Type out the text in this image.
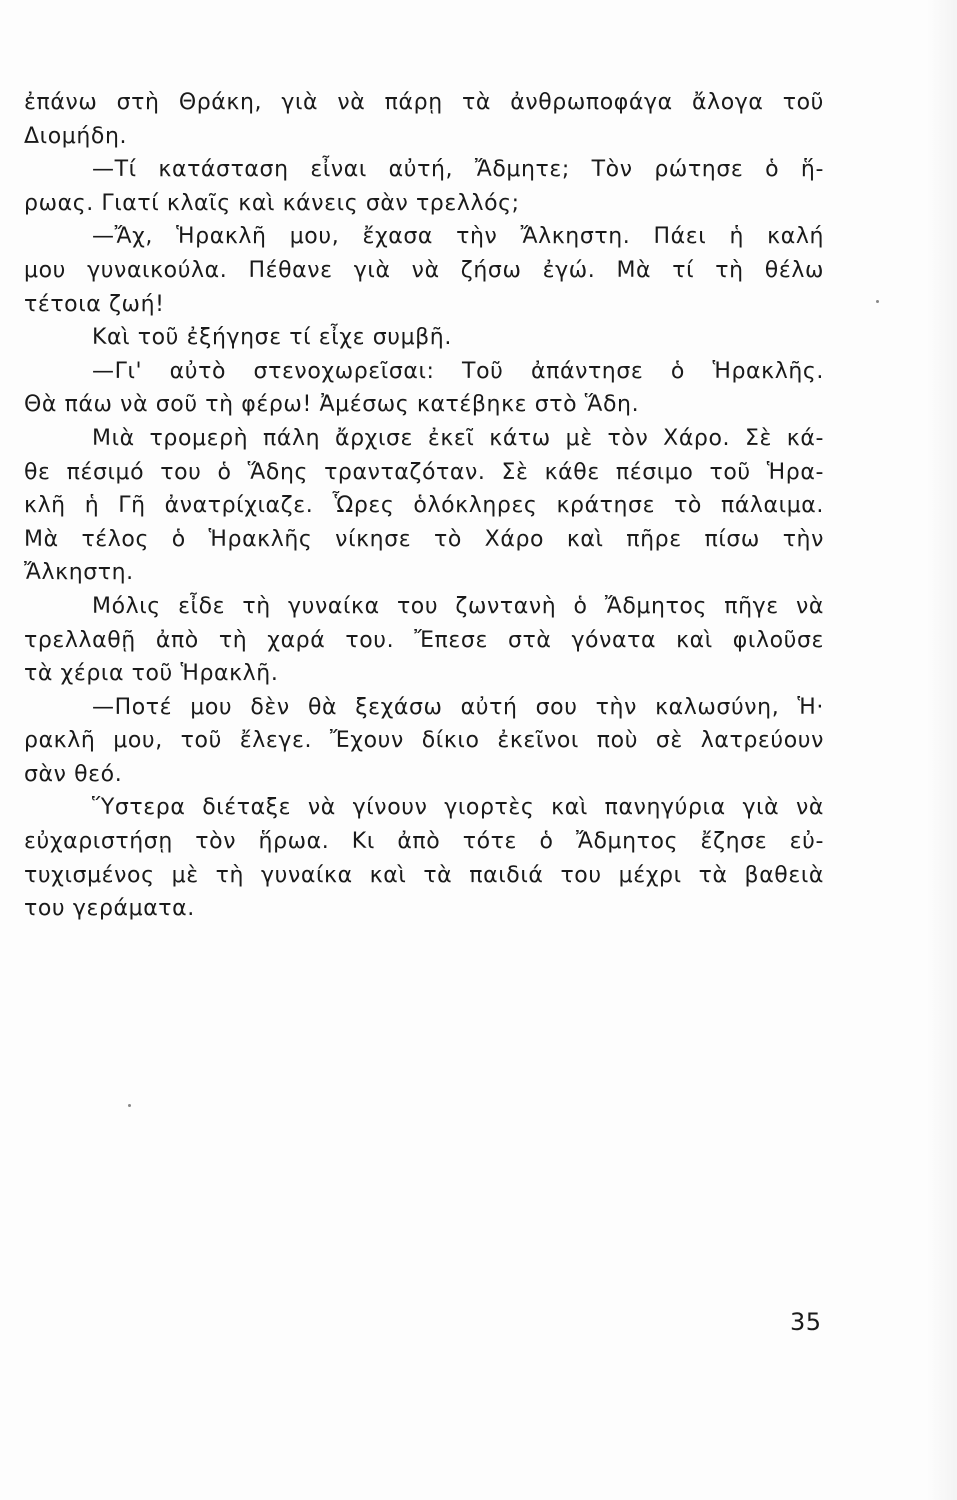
ἐπάνω στὴ Θράκη, γιὰ νὰ πάρῃ τὰ ἀνθρωποφάγα ἄλογα τοῦ
Διομήδη.
—Τί κατάσταση εἶναι αὐτή, Ἄδμητε; Τὸν ρώτησε ὁ ἥ-
ρωας. Γιατί κλαῖς καὶ κάνεις σὰν τρελλός;
—Ἄχ, Ἡρακλῆ μου, ἔχασα τὴν Ἄλκηστη. Πάει ἡ καλή
μου γυναικούλα. Πέθανε γιὰ νὰ ζήσω ἐγώ. Μὰ τί τὴ θέλω
τέτοια ζωή!
Καὶ τοῦ ἐξήγησε τί εἶχε συμβῆ.
—Γι' αὐτὸ στενοχωρεῖσαι: Τοῦ ἀπάντησε ὁ Ἡρακλῆς.
Θὰ πάω νὰ σοῦ τὴ φέρω! Ἀμέσως κατέβηκε στὸ Ἅδη.
Μιὰ τρομερὴ πάλη ἄρχισε ἐκεῖ κάτω μὲ τὸν Χάρο. Σὲ κά-
θε πέσιμό του ὁ Ἅδης τρανταζόταν. Σὲ κάθε πέσιμο τοῦ Ἡρα-
κλῆ ἡ Γῆ ἀνατρίχιαζε. Ὧρες ὁλόκληρες κράτησε τὸ πάλαιμα.
Μὰ τέλος ὁ Ἡρακλῆς νίκησε τὸ Χάρο καὶ πῆρε πίσω τὴν
Ἄλκηστη.
Μόλις εἶδε τὴ γυναίκα του ζωντανὴ ὁ Ἄδμητος πῆγε νὰ
τρελλαθῇ ἀπὸ τὴ χαρά του. Ἔπεσε στὰ γόνατα καὶ φιλοῦσε
τὰ χέρια τοῦ Ἡρακλῆ.
—Ποτέ μου δὲν θὰ ξεχάσω αὐτή σου τὴν καλωσύνη, Ἡ·
ρακλῆ μου, τοῦ ἔλεγε. Ἔχουν δίκιο ἐκεῖνοι ποὺ σὲ λατρεύουν
σὰν θεό.
Ὕστερα διέταξε νὰ γίνουν γιορτὲς καὶ πανηγύρια γιὰ νὰ
εὐχαριστήσῃ τὸν ἥρωα. Κι ἀπὸ τότε ὁ Ἄδμητος ἔζησε εὐ-
τυχισμένος μὲ τὴ γυναίκα καὶ τὰ παιδιά του μέχρι τὰ βαθειὰ
του γεράματα.
35
